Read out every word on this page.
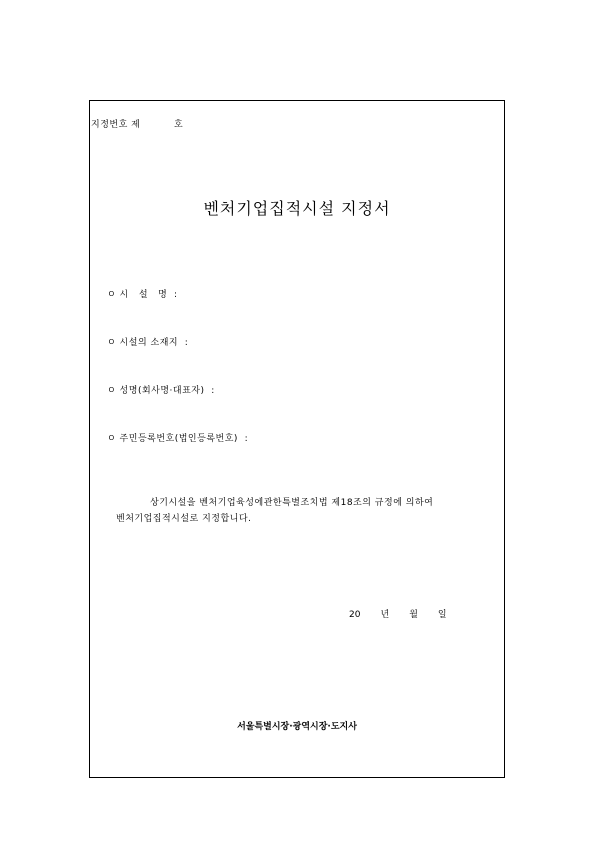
지정번호 제          호
벤처기업집적시설 지정서
ㅇ 시   설   명  :
ㅇ 시설의 소재지  :
ㅇ 성명(회사명·대표자)  :
ㅇ 주민등록번호(법인등록번호)  :
상기시설을 벤처기업육성에관한특별조치법 제18조의 규정에 의하여
벤처기업집적시설로 지정합니다.
20       년       월       일
서울특별시장·광역시장·도지사
